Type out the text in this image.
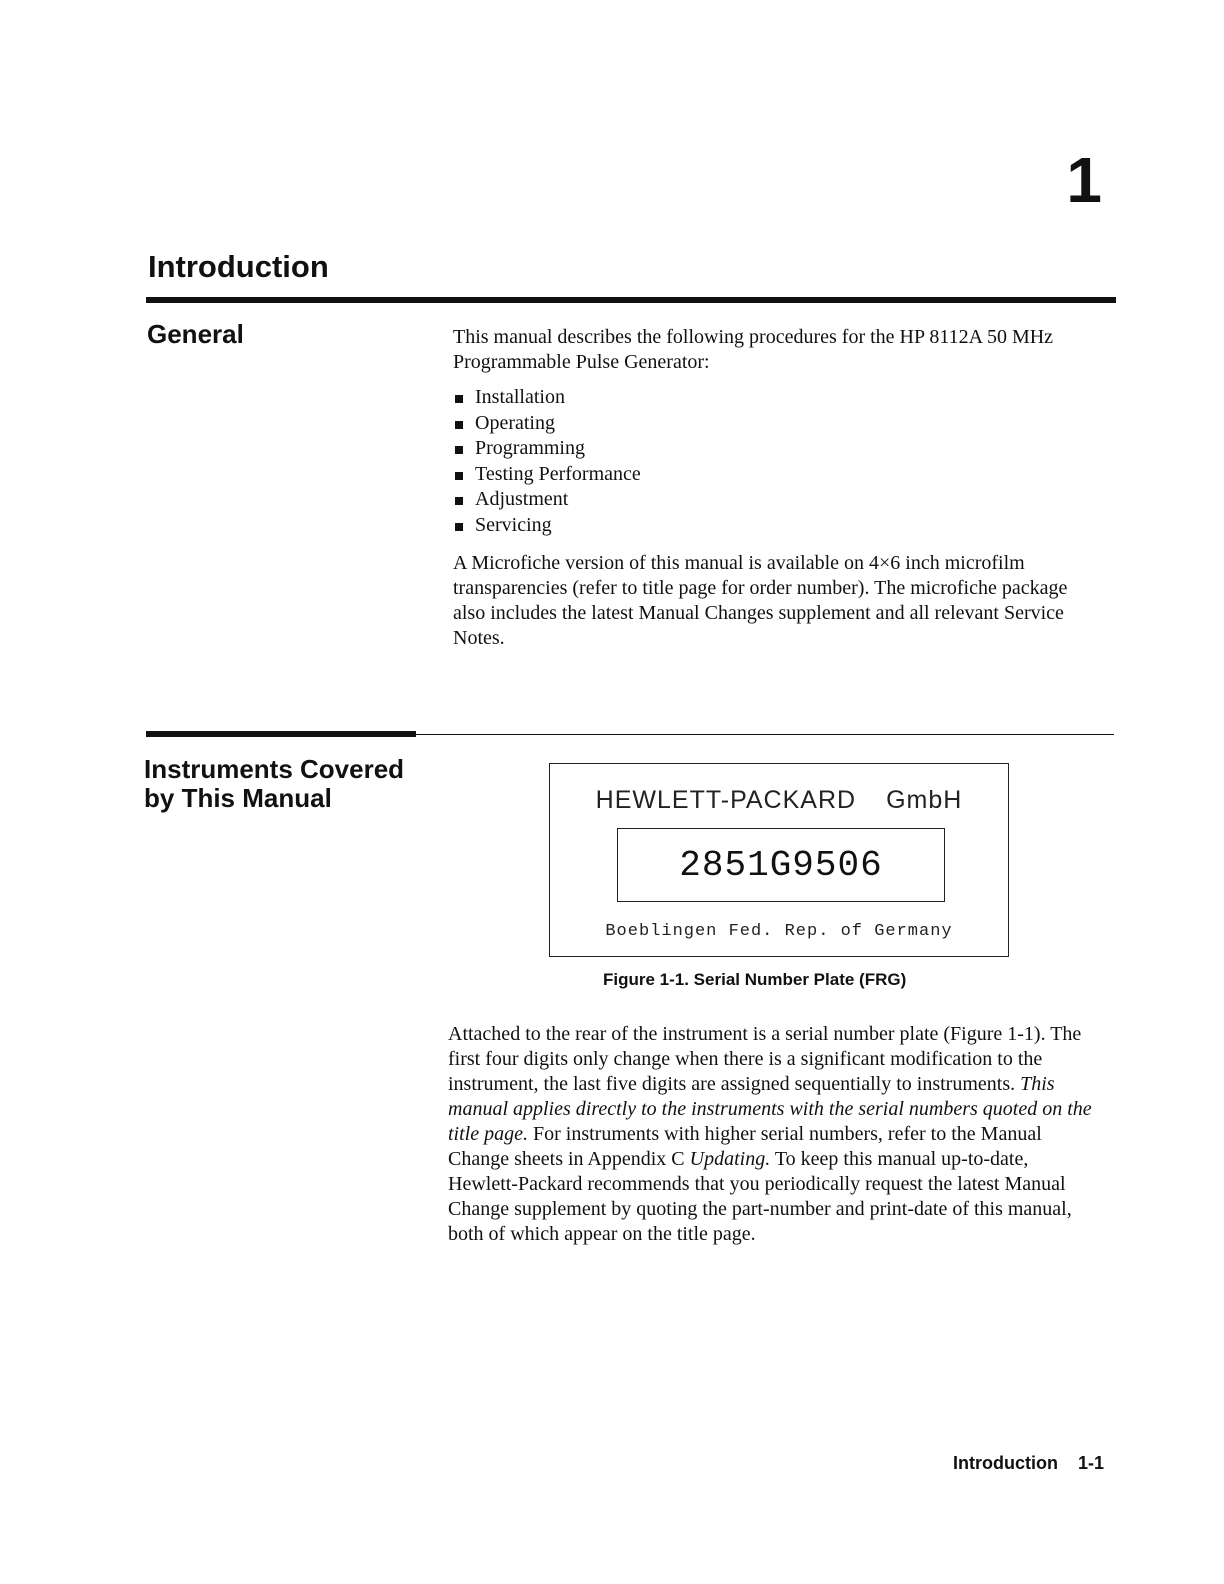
1
Introduction
General	This manual describes the following procedures for the HP 8112A 50 MHz Programmable Pulse Generator:

Installation
Operating
Programming
Testing Performance
Adjustment
Servicing

A Microfiche version of this manual is available on 4×6 inch microfilm transparencies (refer to title page for order number). The microfiche package also includes the latest Manual Changes supplement and all relevant Service Notes.

Instruments Covered
by This Manual	HEWLETT-PACKARD GmbH
2851G9506
Boeblingen Fed. Rep. of Germany
Figure 1-1. Serial Number Plate (FRG)

Attached to the rear of the instrument is a serial number plate (Figure 1-1). The first four digits only change when there is a significant modification to the instrument, the last five digits are assigned sequentially to instruments. This manual applies directly to the instruments with the serial numbers quoted on the title page. For instruments with higher serial numbers, refer to the Manual Change sheets in Appendix C Updating. To keep this manual up-to-date, Hewlett-Packard recommends that you periodically request the latest Manual Change supplement by quoting the part-number and print-date of this manual, both of which appear on the title page.

Introduction 1-1
